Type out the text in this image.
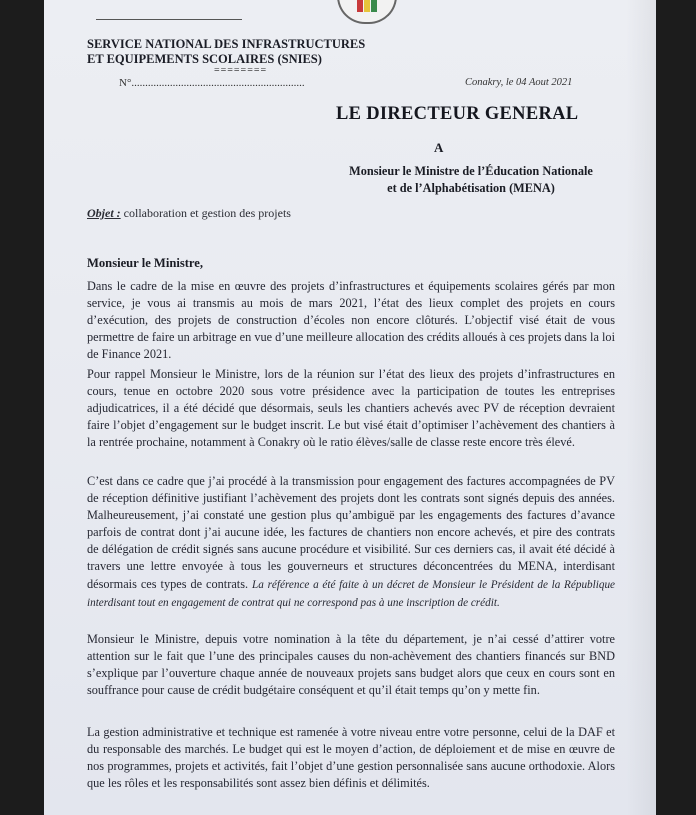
SERVICE NATIONAL DES INFRASTRUCTURES
ET EQUIPEMENTS SCOLAIRES (SNIES)
========
N°...............................................................	Conakry, le 04 Aout 2021
LE DIRECTEUR GENERAL
A
Monsieur le Ministre de l’Éducation Nationale
et de l’Alphabétisation (MENA)
Objet : collaboration et gestion des projets
Monsieur le Ministre,
Dans le cadre de la mise en œuvre des projets d’infrastructures et équipements scolaires gérés par mon service, je vous ai transmis au mois de mars 2021, l’état des lieux complet des projets en cours d’exécution, des projets de construction d’écoles non encore clôturés. L’objectif visé était de vous permettre de faire un arbitrage en vue d’une meilleure allocation des crédits alloués à ces projets dans la loi de Finance 2021.
Pour rappel Monsieur le Ministre, lors de la réunion sur l’état des lieux des projets d’infrastructures en cours, tenue en octobre 2020 sous votre présidence avec la participation de toutes les entreprises adjudicatrices, il a été décidé que désormais, seuls les chantiers achevés avec PV de réception devraient faire l’objet d’engagement sur le budget inscrit. Le but visé était d’optimiser l’achèvement des chantiers à la rentrée prochaine, notamment à Conakry où le ratio élèves/salle de classe reste encore très élevé.
C’est dans ce cadre que j’ai procédé à la transmission pour engagement des factures accompagnées de PV de réception définitive justifiant l’achèvement des projets dont les contrats sont signés depuis des années. Malheureusement, j’ai constaté une gestion plus qu’ambiguë par les engagements des factures d’avance parfois de contrat dont j’ai aucune idée, les factures de chantiers non encore achevés, et pire des contrats de délégation de crédit signés sans aucune procédure et visibilité. Sur ces derniers cas, il avait été décidé à travers une lettre envoyée à tous les gouverneurs et structures déconcentrées du MENA, interdisant désormais ces types de contrats. La référence a été faite à un décret de Monsieur le Président de la République interdisant tout en engagement de contrat qui ne correspond pas à une inscription de crédit.
Monsieur le Ministre, depuis votre nomination à la tête du département, je n’ai cessé d’attirer votre attention sur le fait que l’une des principales causes du non-achèvement des chantiers financés sur BND s’explique par l’ouverture chaque année de nouveaux projets sans budget alors que ceux en cours sont en souffrance pour cause de crédit budgétaire conséquent et qu’il était temps qu’on y mette fin.
La gestion administrative et technique est ramenée à votre niveau entre votre personne, celui de la DAF et du responsable des marchés. Le budget qui est le moyen d’action, de déploiement et de mise en œuvre de nos programmes, projets et activités, fait l’objet d’une gestion personnalisée sans aucune orthodoxie. Alors que les rôles et les responsabilités sont assez bien définis et délimités.
